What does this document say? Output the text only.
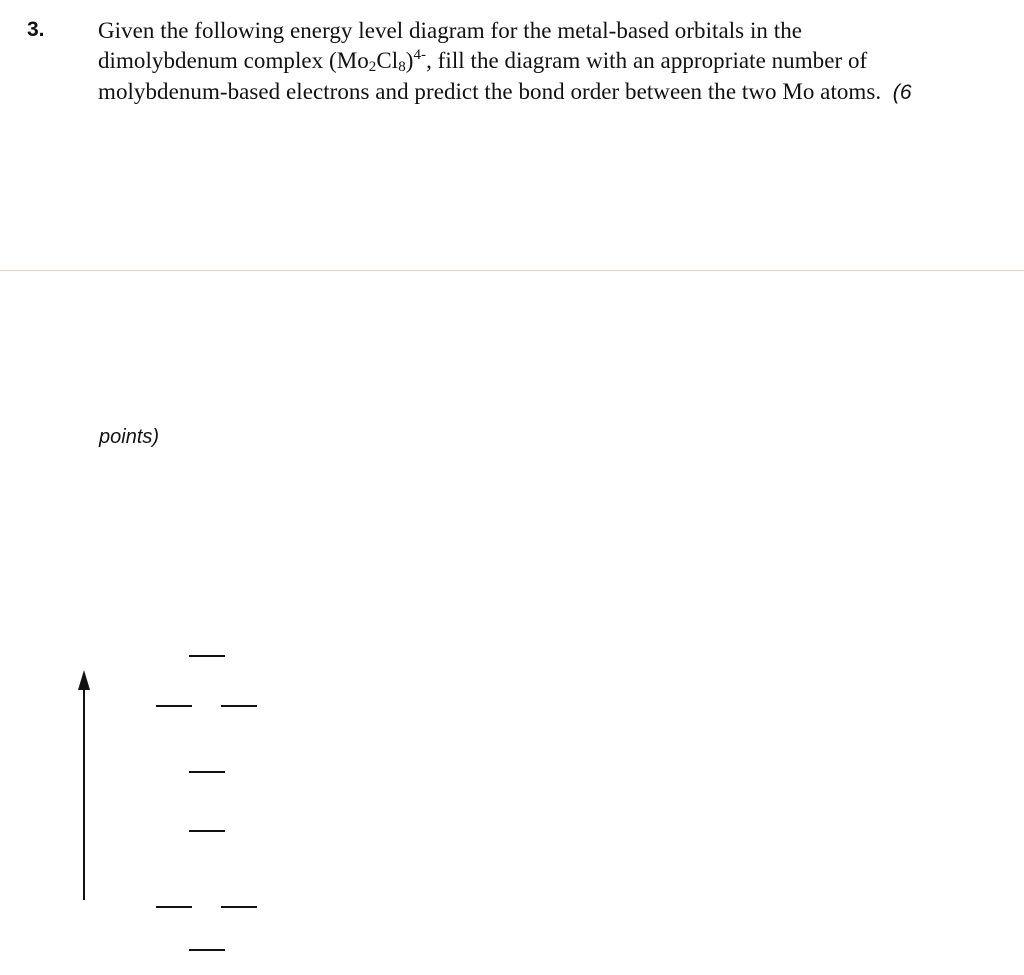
3. Given the following energy level diagram for the metal-based orbitals in the
dimolybdenum complex $(Mo_2Cl_8)^{4-}$, fill the diagram with an appropriate number of
molybdenum-based electrons and predict the bond order between the two Mo atoms. (6
points)
